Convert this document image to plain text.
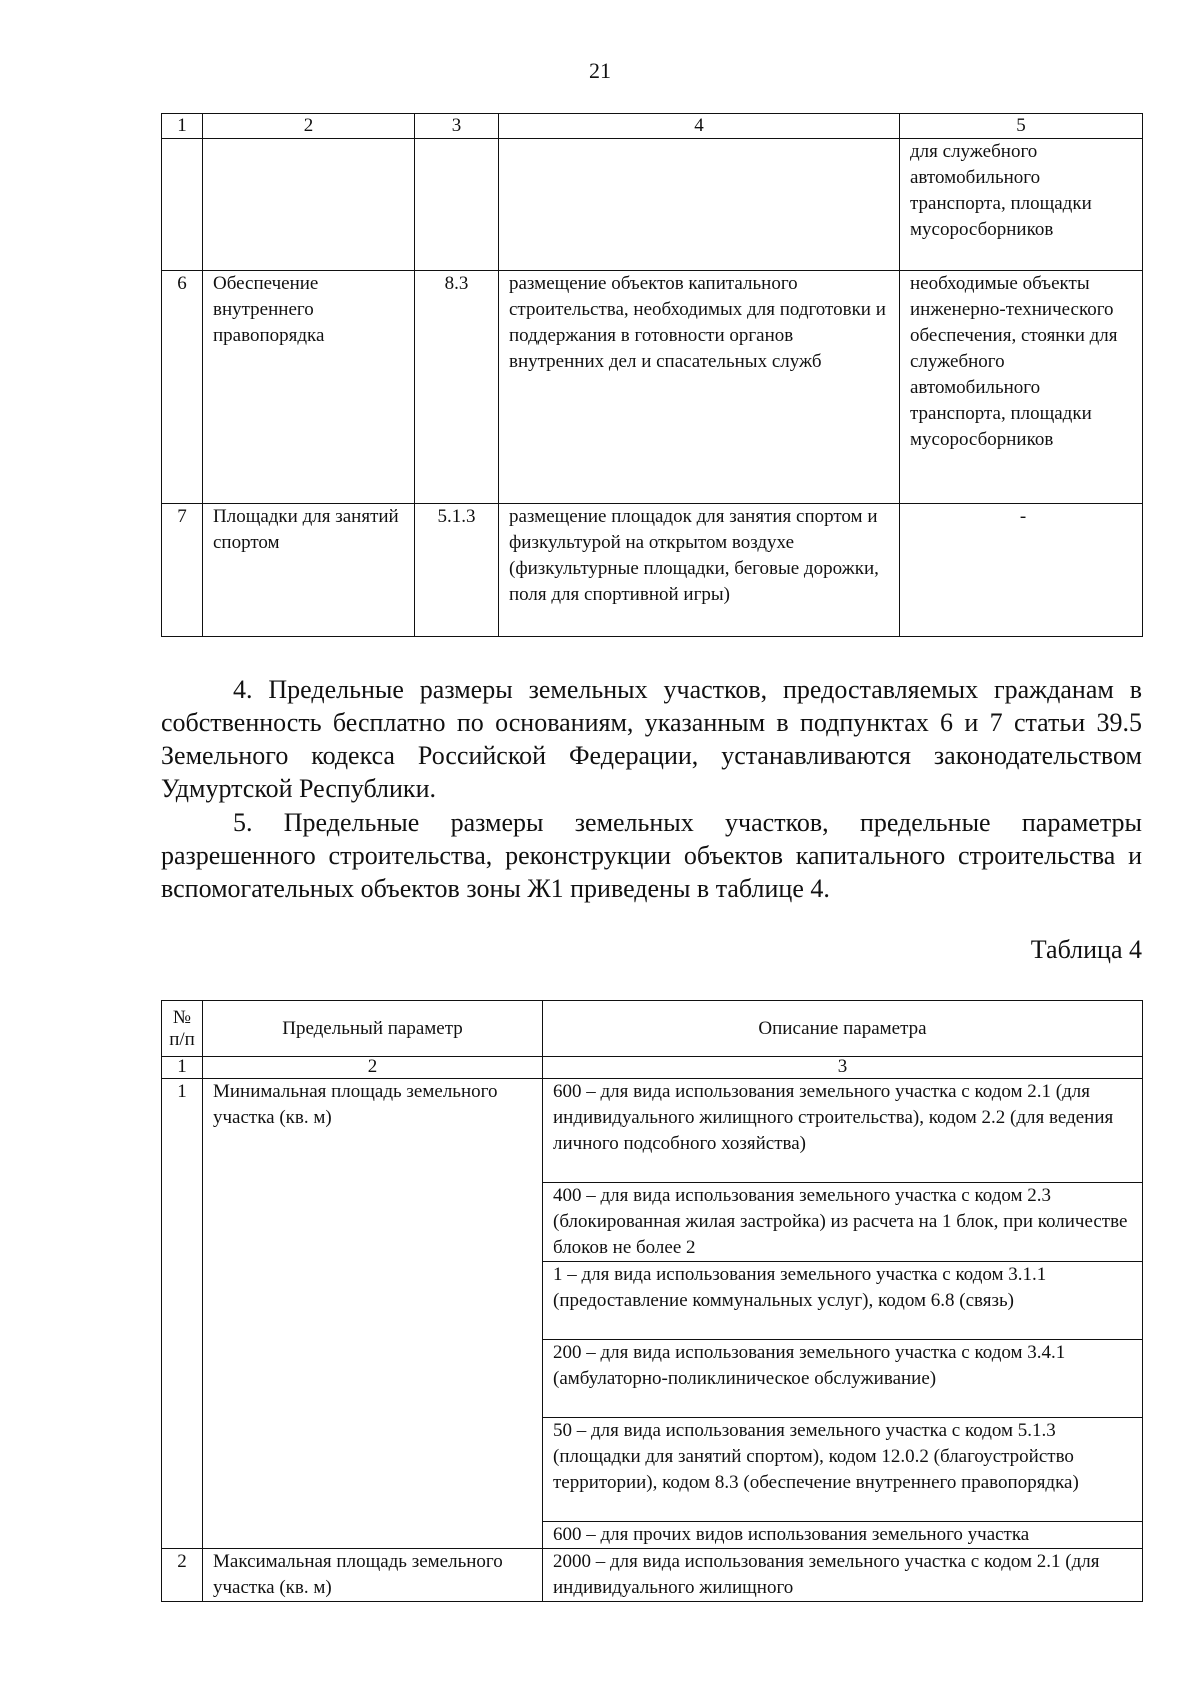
21
1	2	3	4	5
				для служебного автомобильного транспорта, площадки мусоросборников
6	Обеспечение внутреннего правопорядка	8.3	размещение объектов капитального строительства, необходимых для подготовки и поддержания в готовности органов внутренних дел и спасательных служб	необходимые объекты инженерно-технического обеспечения, стоянки для служебного автомобильного транспорта, площадки мусоросборников
7	Площадки для занятий спортом	5.1.3	размещение площадок для занятия спортом и физкультурой на открытом воздухе (физкультурные площадки, беговые дорожки, поля для спортивной игры)	-

4. Предельные размеры земельных участков, предоставляемых гражданам в собственность бесплатно по основаниям, указанным в подпунктах 6 и 7 статьи 39.5 Земельного кодекса Российской Федерации, устанавливаются законодательством Удмуртской Республики.

5. Предельные размеры земельных участков, предельные параметры разрешенного строительства, реконструкции объектов капитального строительства и вспомогательных объектов зоны Ж1 приведены в таблице 4.

Таблица 4
№ п/п	Предельный параметр	Описание параметра
1	2	3
1	Минимальная площадь земельного участка (кв. м)	600 – для вида использования земельного участка с кодом 2.1 (для индивидуального жилищного строительства), кодом 2.2 (для ведения личного подсобного хозяйства)
		400 – для вида использования земельного участка с кодом 2.3 (блокированная жилая застройка) из расчета на 1 блок, при количестве блоков не более 2
		1 – для вида использования земельного участка с кодом 3.1.1 (предоставление коммунальных услуг), кодом 6.8 (связь)
		200 – для вида использования земельного участка с кодом 3.4.1 (амбулаторно-поликлиническое обслуживание)
		50 – для вида использования земельного участка с кодом 5.1.3 (площадки для занятий спортом), кодом 12.0.2 (благоустройство территории), кодом 8.3 (обеспечение внутреннего правопорядка)
		600 – для прочих видов использования земельного участка
2	Максимальная площадь земельного участка (кв. м)	2000 – для вида использования земельного участка с кодом 2.1 (для индивидуального жилищного
